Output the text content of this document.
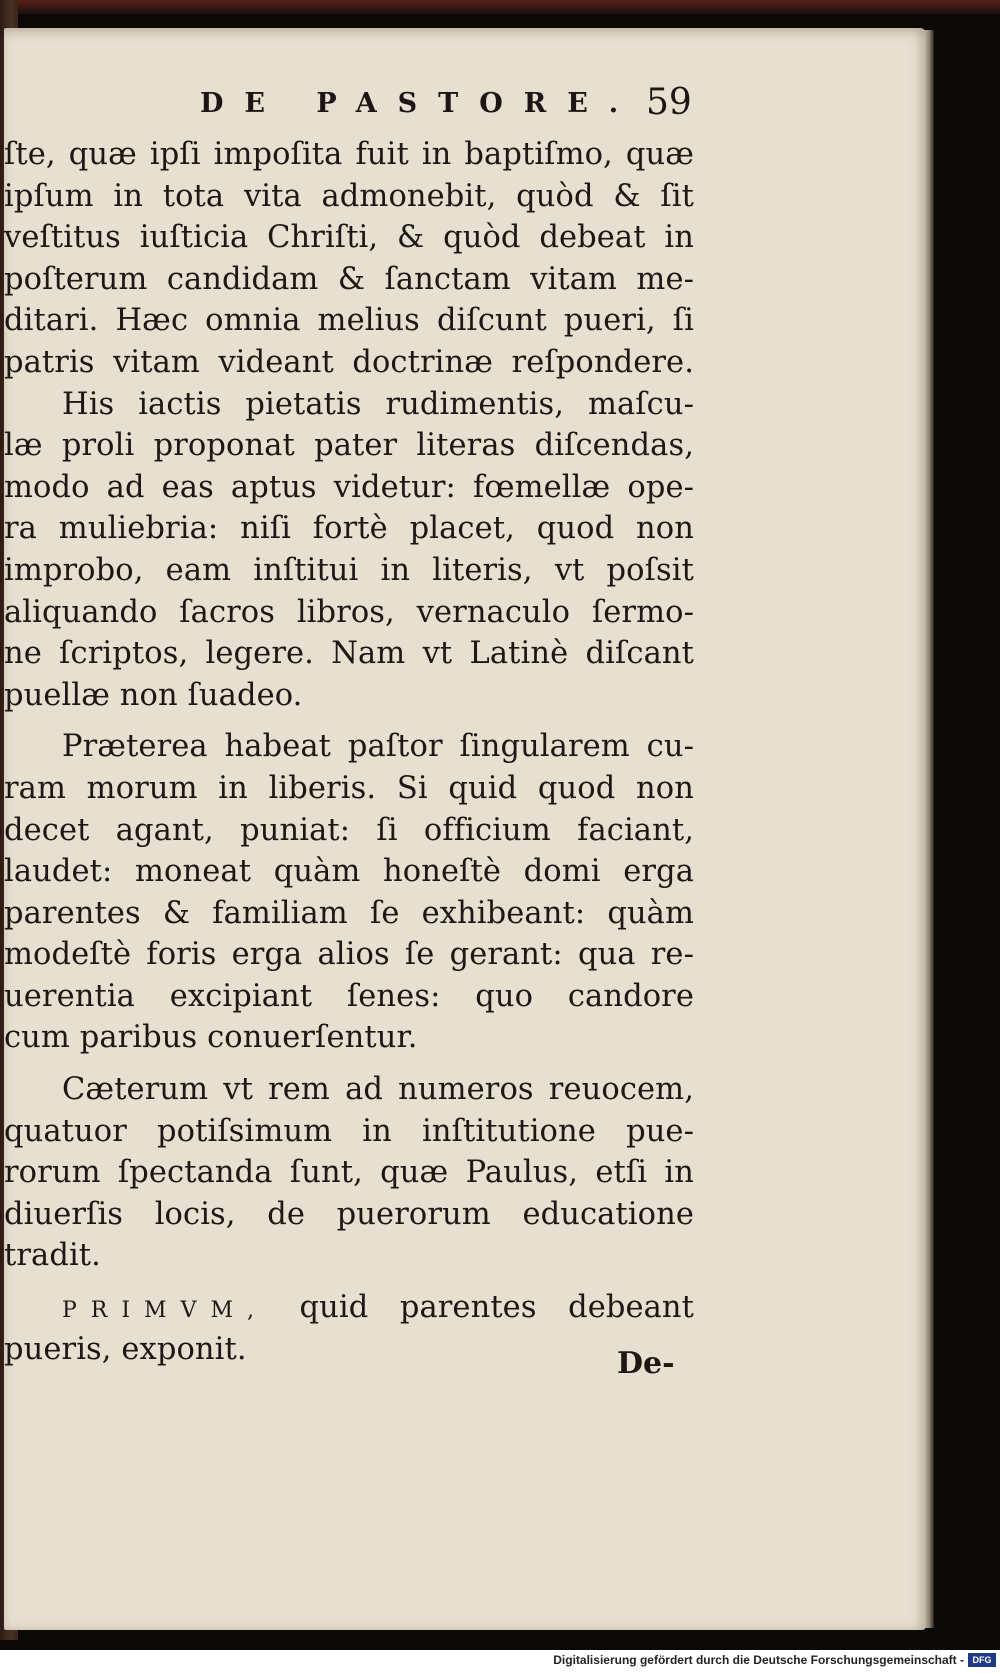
DE PASTORE. 59
ſte, quæ ipſi impoſita fuit in baptiſmo, quæ
ipſum in tota vita admonebit, quòd & ſit
veſtitus iuſticia Chriſti, & quòd debeat in
poſterum candidam & ſanctam vitam me-
ditari. Hæc omnia melius diſcunt pueri, ſi
patris vitam videant doctrinæ reſpondere.
His iactis pietatis rudimentis, maſcu-
læ proli proponat pater literas diſcendas,
modo ad eas aptus videtur: fœmellæ ope-
ra muliebria: niſi fortè placet, quod non
improbo, eam inſtitui in literis, vt poſsit
aliquando ſacros libros, vernaculo ſermo-
ne ſcriptos, legere. Nam vt Latinè diſcant
puellæ non ſuadeo.
Præterea habeat paſtor ſingularem cu-
ram morum in liberis. Si quid quod non
decet agant, puniat: ſi officium faciant,
laudet: moneat quàm honeſtè domi erga
parentes & familiam ſe exhibeant: quàm
modeſtè foris erga alios ſe gerant: qua re-
uerentia excipiant ſenes: quo candore
cum paribus conuerſentur.
Cæterum vt rem ad numeros reuocem,
quatuor potiſsimum in inſtitutione pue-
rorum ſpectanda ſunt, quæ Paulus, etſi in
diuerſis locis, de puerorum educatione
tradit.
PRIMVM, quid parentes debeant
pueris, exponit.	De-
Digitalisierung gefördert durch die Deutsche Forschungsgemeinschaft - DFG
